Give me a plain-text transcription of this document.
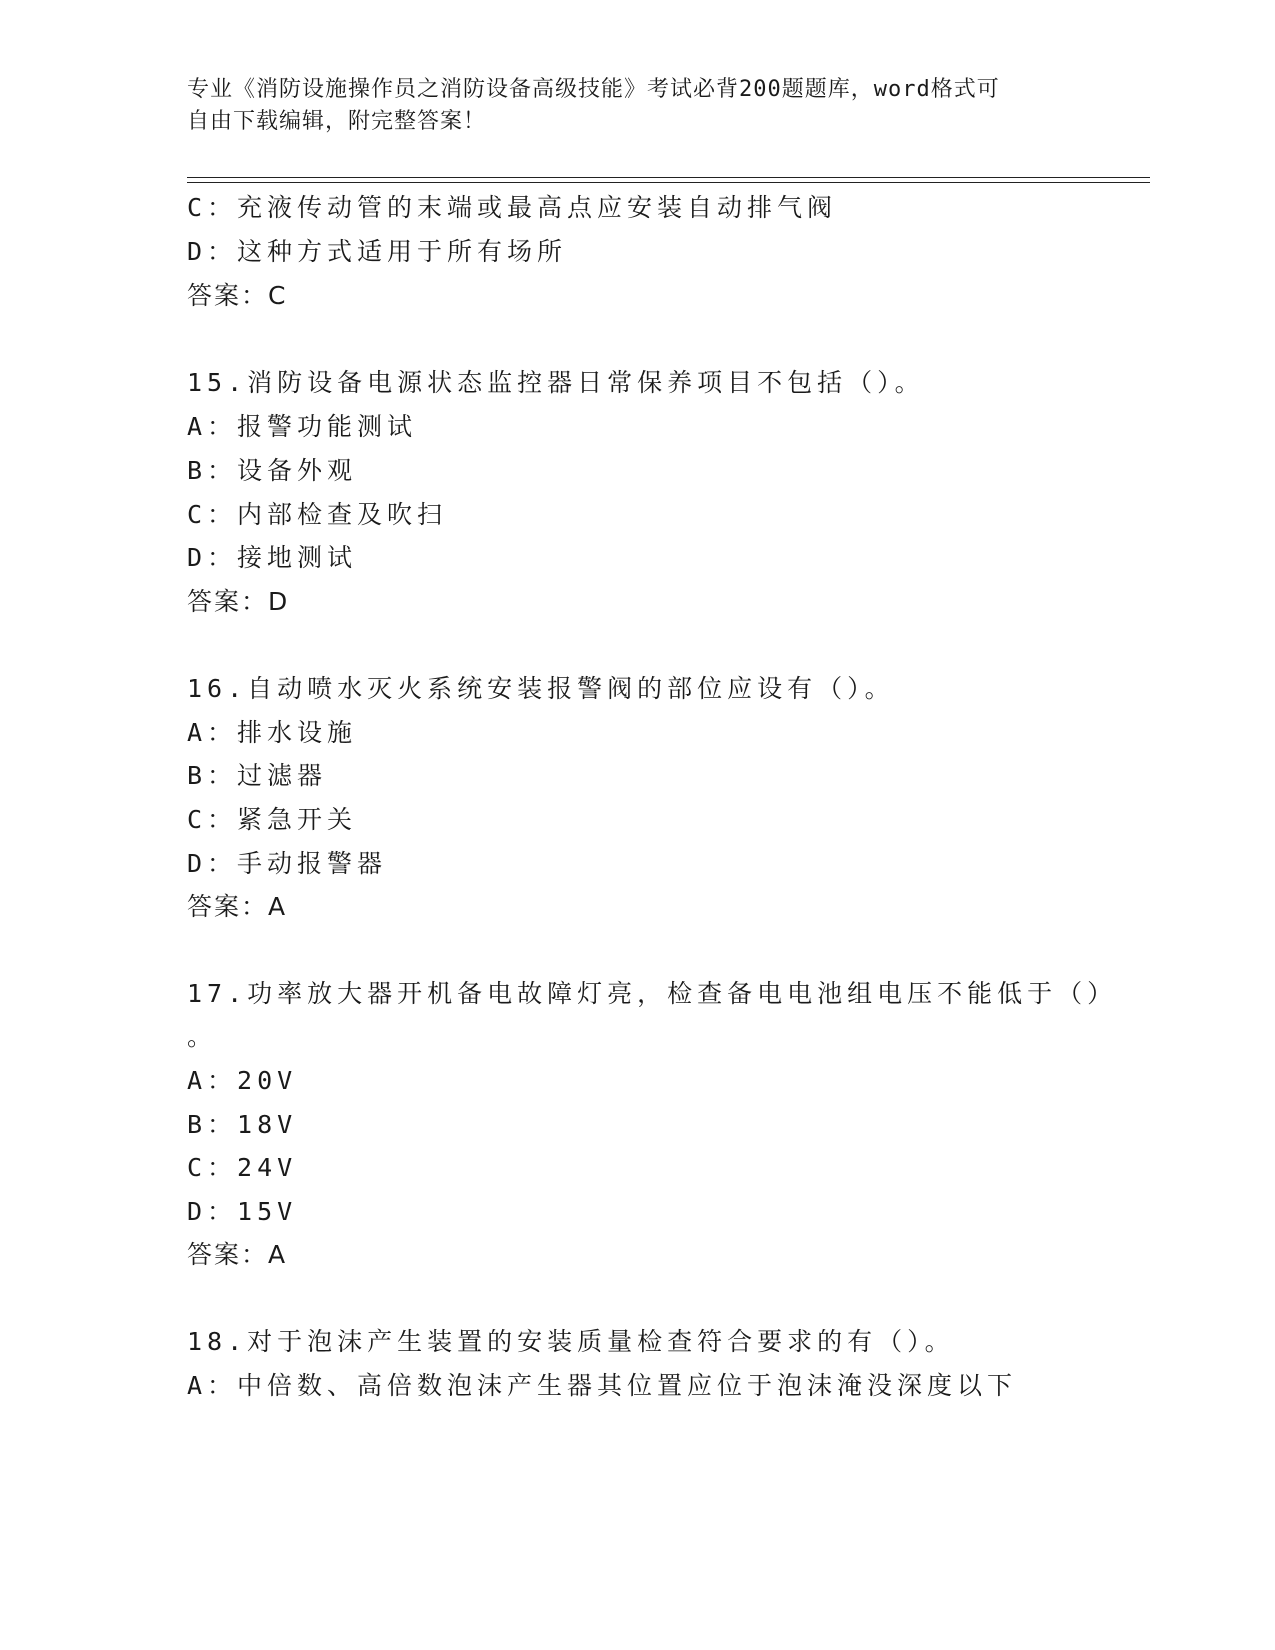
专业《消防设施操作员之消防设备高级技能》考试必背200题题库，word格式可
自由下载编辑，附完整答案！
C：充液传动管的末端或最高点应安装自动排气阀
D：这种方式适用于所有场所
答案：C
15.消防设备电源状态监控器日常保养项目不包括（）。
A：报警功能测试
B：设备外观
C：内部检查及吹扫
D：接地测试
答案：D
16.自动喷水灭火系统安装报警阀的部位应设有（）。
A：排水设施
B：过滤器
C：紧急开关
D：手动报警器
答案：A
17.功率放大器开机备电故障灯亮，检查备电电池组电压不能低于（）
。
A：20V
B：18V
C：24V
D：15V
答案：A
18.对于泡沫产生装置的安装质量检查符合要求的有（）。
A：中倍数、高倍数泡沫产生器其位置应位于泡沫淹没深度以下
